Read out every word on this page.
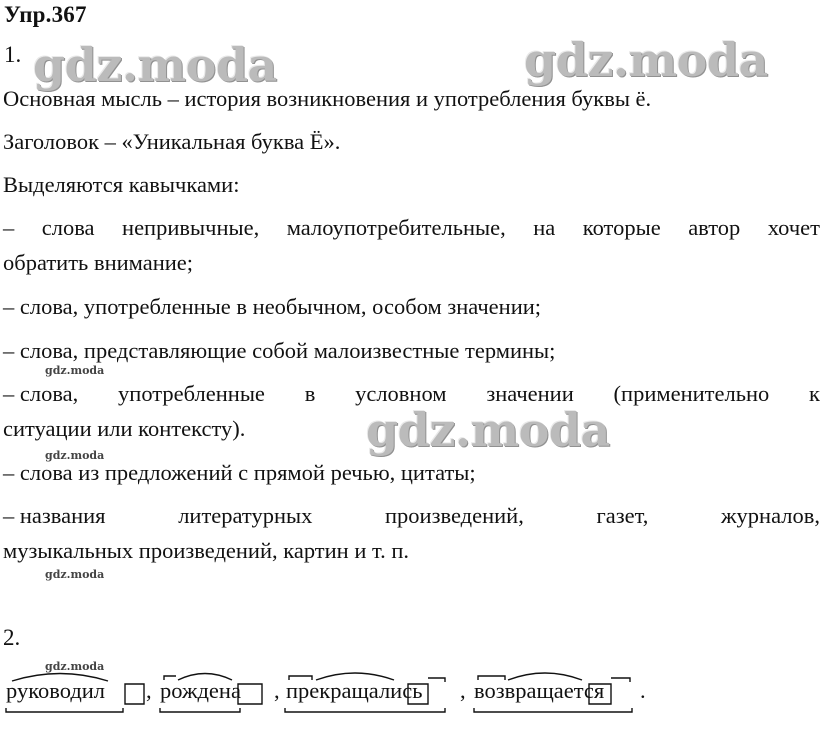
Упр.367
1. gdz.moda	gdz.moda
gdz.moda
gdz.moda
gdz.moda
gdz.moda
gdz.moda
Основная мысль – история возникновения и употребления буквы ё.
Заголовок – «Уникальная буква Ё».
Выделяются кавычками:
– слова непривычные, малоупотребительные, на которые автор хочет
обратить внимание;
– слова, употребленные в необычном, особом значении;
– слова, представляющие собой малоизвестные термины;
– слова, употребленные в условном значении (применительно к
ситуации или контексту).
– слова из предложений с прямой речью, цитаты;
– названия	литературных	произведений,	газет,	журналов,
музыкальных произведений, картин и т. п.
2.
руководил , рождена , прекращались , возвращается .
